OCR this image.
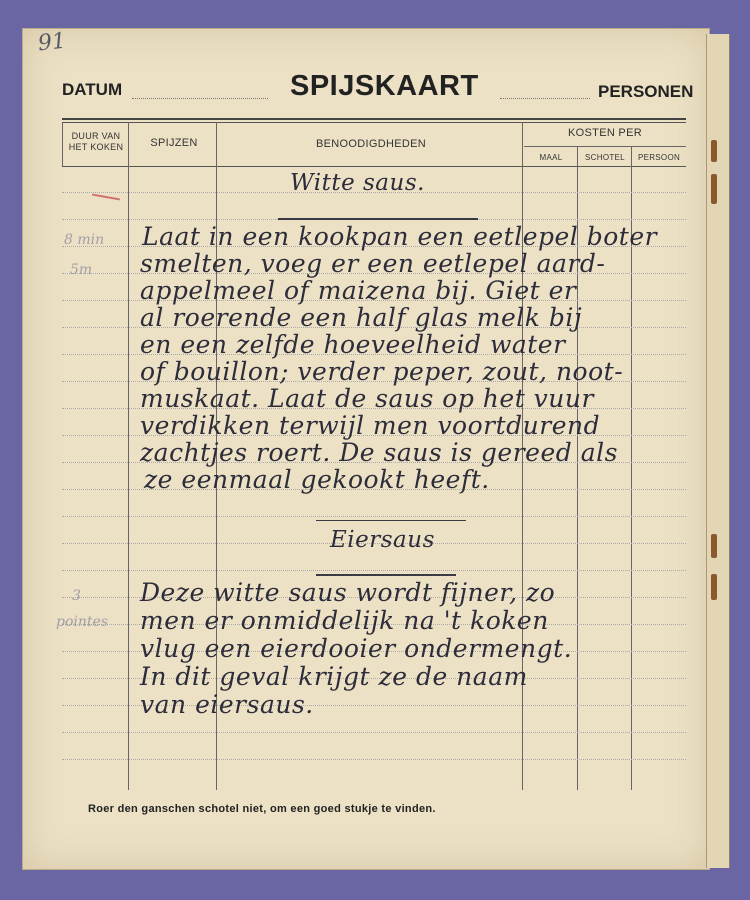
91
DATUM	SPIJSKAART	PERSONEN
DUUR VAN
HET KOKEN	SPIJZEN	BENOODIGDHEDEN
KOSTEN PER
MAAL	SCHOTEL	PERSOON
8 min
5m
3
pointes
Witte saus.
Laat in een kookpan een eetlepel boter
smelten, voeg er een eetlepel aard-
appelmeel of maizena bij. Giet er
al roerende een half glas melk bij
en een zelfde hoeveelheid water
of bouillon; verder peper, zout, noot-
muskaat. Laat de saus op het vuur
verdikken terwijl men voortdurend
zachtjes roert. De saus is gereed als
ze eenmaal gekookt heeft.
Eiersaus
Deze witte saus wordt fijner, zo
men er onmiddelijk na 't koken
vlug een eierdooier ondermengt.
In dit geval krijgt ze de naam
van eiersaus.
Roer den ganschen schotel niet, om een goed stukje te vinden.
